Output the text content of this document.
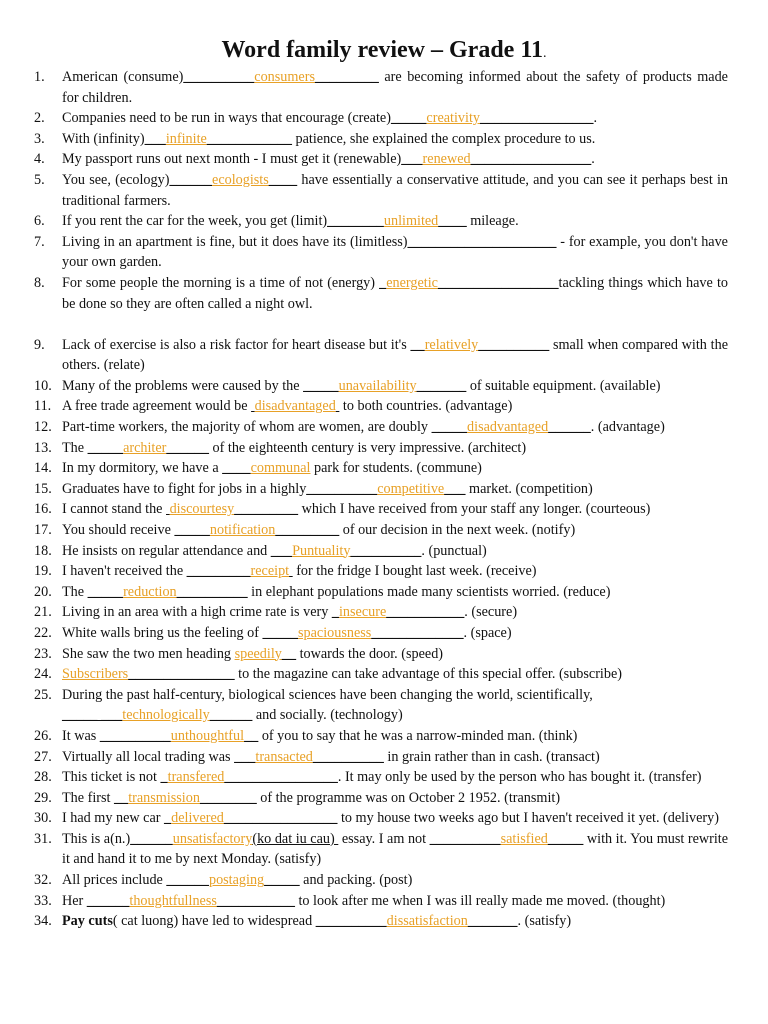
Word family review – Grade 11.
1. American (consume)__________consumers_________ are becoming informed about the safety of products made for children.
2. Companies need to be run in ways that encourage (create)_____creativity________________.
3. With (infinity)___infinite____________ patience, she explained the complex procedure to us.
4. My passport runs out next month - I must get it (renewable)___renewed_________________.
5. You see, (ecology)______ecologists____ have essentially a conservative attitude, and you can see it perhaps best in traditional farmers.
6. If you rent the car for the week, you get (limit)________unlimited____ mileage.
7. Living in an apartment is fine, but it does have its (limitless)_____________________ - for example, you don't have your own garden.
8. For some people the morning is a time of not (energy) _energetic_________________tackling things which have to be done so they are often called a night owl.
9. Lack of exercise is also a risk factor for heart disease but it's __relatively__________ small when compared with the others. (relate)
10. Many of the problems were caused by the _____unavailability_______ of suitable equipment. (available)
11. A free trade agreement would be  disadvantaged  to both countries. (advantage)
12. Part-time workers, the majority of whom are women, are doubly _____disadvantaged______. (advantage)
13. The _____architer______ of the eighteenth century is very impressive. (architect)
14. In my dormitory, we have a ____communal park for students. (commune)
15. Graduates have to fight for jobs in a highly__________competitive___ market. (competition)
16. I cannot stand the  discourtesy_________ which I have received from your staff any longer. (courteous)
17. You should receive _____notification_________ of our decision in the next week. (notify)
18. He insists on regular attendance and ___Puntuality__________. (punctual)
19. I haven't received the _________receipt  for the fridge I bought last week. (receive)
20. The _____reduction__________ in elephant populations made many scientists worried. (reduce)
21. Living in an area with a high crime rate is very _insecure___________. (secure)
22. White walls bring us the feeling of _____spaciousness_____________. (space)
23. She saw the two men heading speedily__ towards the door. (speed)
24. Subscribers_______________ to the magazine can take advantage of this special offer. (subscribe)
25. During the past half-century, biological sciences have been changing the world, scientifically, _____ ___technologically______ and socially. (technology)
26. It was __________unthoughtful__ of you to say that he was a narrow-minded man. (think)
27. Virtually all local trading was ___transacted__________ in grain rather than in cash. (transact)
28. This ticket is not _transfered________________. It may only be used by the person who has bought it. (transfer)
29. The first __transmission________ of the programme was on October 2 1952. (transmit)
30. I had my new car _delivered________________ to my house two weeks ago but I haven't received it yet. (delivery)
31. This is a(n.)______unsatisfactory(ko dat iu cau)  essay. I am not __________satisfied_____ with it. You must rewrite it and hand it to me by next Monday. (satisfy)
32. All prices include ______postaging_____ and packing. (post)
33. Her ______thoughtfullness___________ to look after me when I was ill really made me moved. (thought)
34. Pay cuts( cat luong) have led to widespread __________dissatisfaction_______. (satisfy)
